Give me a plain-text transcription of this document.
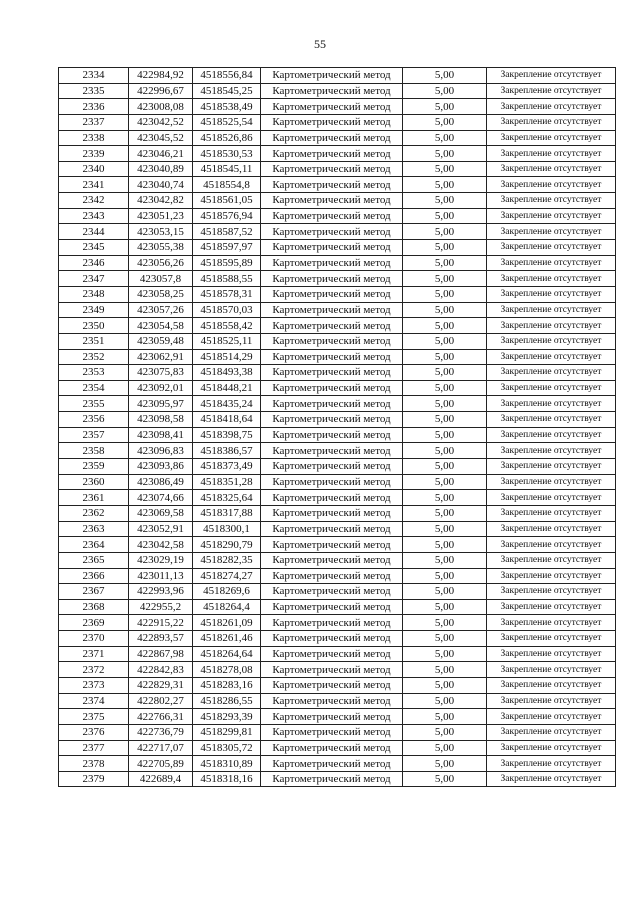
55
2334	422984,92	4518556,84	Картометрический метод	5,00	Закрепление отсутствует
2335	422996,67	4518545,25	Картометрический метод	5,00	Закрепление отсутствует
2336	423008,08	4518538,49	Картометрический метод	5,00	Закрепление отсутствует
2337	423042,52	4518525,54	Картометрический метод	5,00	Закрепление отсутствует
2338	423045,52	4518526,86	Картометрический метод	5,00	Закрепление отсутствует
2339	423046,21	4518530,53	Картометрический метод	5,00	Закрепление отсутствует
2340	423040,89	4518545,11	Картометрический метод	5,00	Закрепление отсутствует
2341	423040,74	4518554,8	Картометрический метод	5,00	Закрепление отсутствует
2342	423042,82	4518561,05	Картометрический метод	5,00	Закрепление отсутствует
2343	423051,23	4518576,94	Картометрический метод	5,00	Закрепление отсутствует
2344	423053,15	4518587,52	Картометрический метод	5,00	Закрепление отсутствует
2345	423055,38	4518597,97	Картометрический метод	5,00	Закрепление отсутствует
2346	423056,26	4518595,89	Картометрический метод	5,00	Закрепление отсутствует
2347	423057,8	4518588,55	Картометрический метод	5,00	Закрепление отсутствует
2348	423058,25	4518578,31	Картометрический метод	5,00	Закрепление отсутствует
2349	423057,26	4518570,03	Картометрический метод	5,00	Закрепление отсутствует
2350	423054,58	4518558,42	Картометрический метод	5,00	Закрепление отсутствует
2351	423059,48	4518525,11	Картометрический метод	5,00	Закрепление отсутствует
2352	423062,91	4518514,29	Картометрический метод	5,00	Закрепление отсутствует
2353	423075,83	4518493,38	Картометрический метод	5,00	Закрепление отсутствует
2354	423092,01	4518448,21	Картометрический метод	5,00	Закрепление отсутствует
2355	423095,97	4518435,24	Картометрический метод	5,00	Закрепление отсутствует
2356	423098,58	4518418,64	Картометрический метод	5,00	Закрепление отсутствует
2357	423098,41	4518398,75	Картометрический метод	5,00	Закрепление отсутствует
2358	423096,83	4518386,57	Картометрический метод	5,00	Закрепление отсутствует
2359	423093,86	4518373,49	Картометрический метод	5,00	Закрепление отсутствует
2360	423086,49	4518351,28	Картометрический метод	5,00	Закрепление отсутствует
2361	423074,66	4518325,64	Картометрический метод	5,00	Закрепление отсутствует
2362	423069,58	4518317,88	Картометрический метод	5,00	Закрепление отсутствует
2363	423052,91	4518300,1	Картометрический метод	5,00	Закрепление отсутствует
2364	423042,58	4518290,79	Картометрический метод	5,00	Закрепление отсутствует
2365	423029,19	4518282,35	Картометрический метод	5,00	Закрепление отсутствует
2366	423011,13	4518274,27	Картометрический метод	5,00	Закрепление отсутствует
2367	422993,96	4518269,6	Картометрический метод	5,00	Закрепление отсутствует
2368	422955,2	4518264,4	Картометрический метод	5,00	Закрепление отсутствует
2369	422915,22	4518261,09	Картометрический метод	5,00	Закрепление отсутствует
2370	422893,57	4518261,46	Картометрический метод	5,00	Закрепление отсутствует
2371	422867,98	4518264,64	Картометрический метод	5,00	Закрепление отсутствует
2372	422842,83	4518278,08	Картометрический метод	5,00	Закрепление отсутствует
2373	422829,31	4518283,16	Картометрический метод	5,00	Закрепление отсутствует
2374	422802,27	4518286,55	Картометрический метод	5,00	Закрепление отсутствует
2375	422766,31	4518293,39	Картометрический метод	5,00	Закрепление отсутствует
2376	422736,79	4518299,81	Картометрический метод	5,00	Закрепление отсутствует
2377	422717,07	4518305,72	Картометрический метод	5,00	Закрепление отсутствует
2378	422705,89	4518310,89	Картометрический метод	5,00	Закрепление отсутствует
2379	422689,4	4518318,16	Картометрический метод	5,00	Закрепление отсутствует
